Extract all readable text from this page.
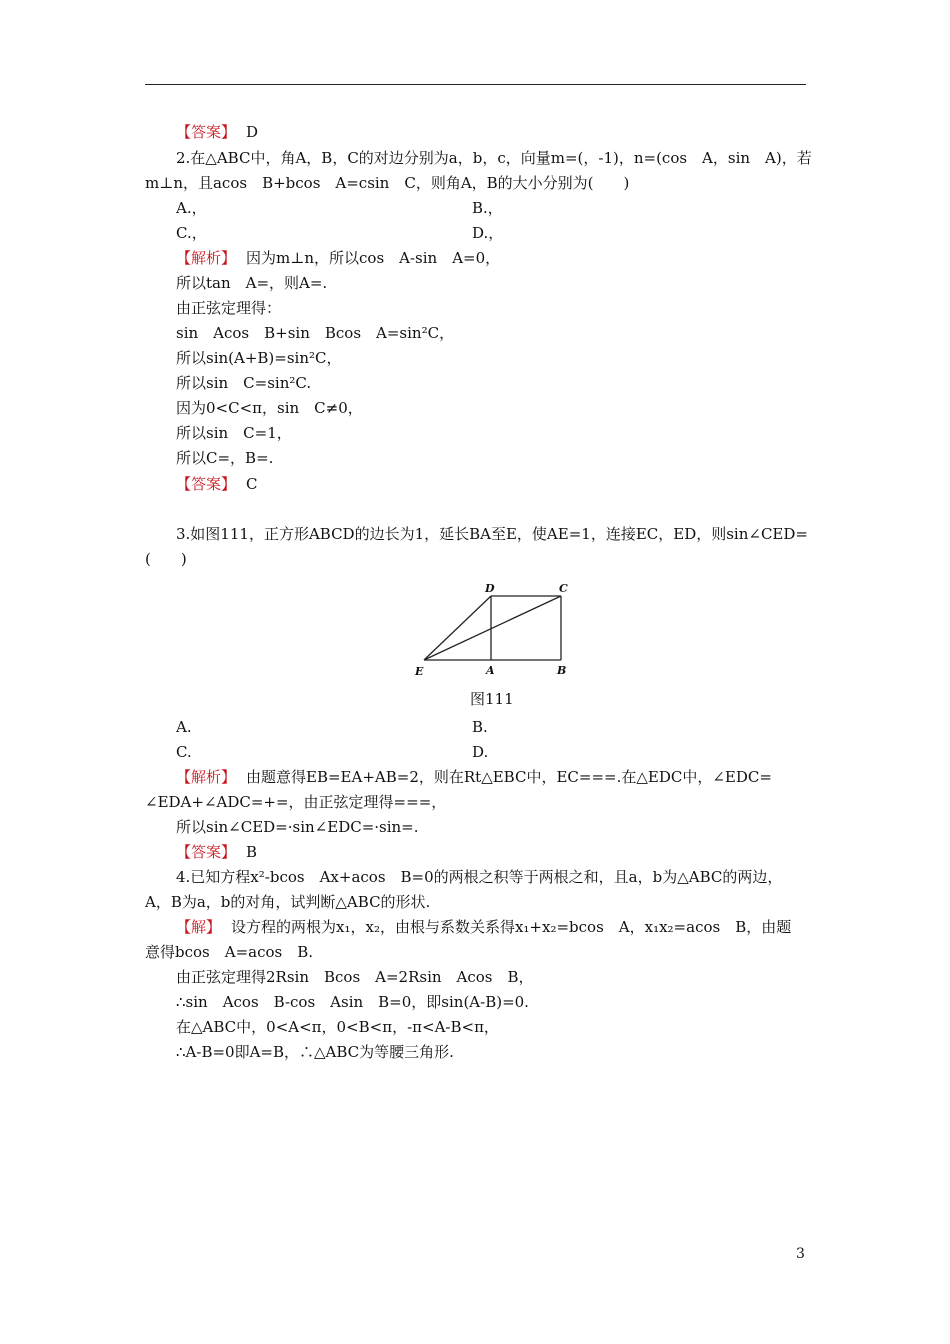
【答案】 D
2.在△ABC中，角A，B，C的对边分别为a，b，c，向量m=(，-1)，n=(cos　A，sin　A)，若
m⊥n，且acos　B+bcos　A=csin　C，则角A，B的大小分别为(　　)
A.，	B.，
C.，	D.，
【解析】 因为m⊥n，所以cos　A-sin　A=0，
所以tan　A=，则A=.
由正弦定理得：
sin　Acos　B+sin　Bcos　A=sin²C，
所以sin(A+B)=sin²C，
所以sin　C=sin²C.
因为0<C<π，sin　C≠0，
所以sin　C=1，
所以C=，B=.
【答案】 C
3.如图111，正方形ABCD的边长为1，延长BA至E，使AE=1，连接EC，ED，则sin∠CED=
(　　)
D	C
E	A	B
图111
A.	B.
C.	D.
【解析】 由题意得EB=EA+AB=2，则在Rt△EBC中，EC===.在△EDC中，∠EDC=
∠EDA+∠ADC=+=，由正弦定理得===，
所以sin∠CED=·sin∠EDC=·sin=.
【答案】 B
4.已知方程x²-bcos　Ax+acos　B=0的两根之积等于两根之和，且a，b为△ABC的两边，
A，B为a，b的对角，试判断△ABC的形状.
【解】 设方程的两根为x₁，x₂，由根与系数关系得x₁+x₂=bcos　A，x₁x₂=acos　B，由题
意得bcos　A=acos　B.
由正弦定理得2Rsin　Bcos　A=2Rsin　Acos　B，
∴sin　Acos　B-cos　Asin　B=0，即sin(A-B)=0.
在△ABC中，0<A<π，0<B<π，-π<A-B<π，
∴A-B=0即A=B，∴△ABC为等腰三角形.
3
